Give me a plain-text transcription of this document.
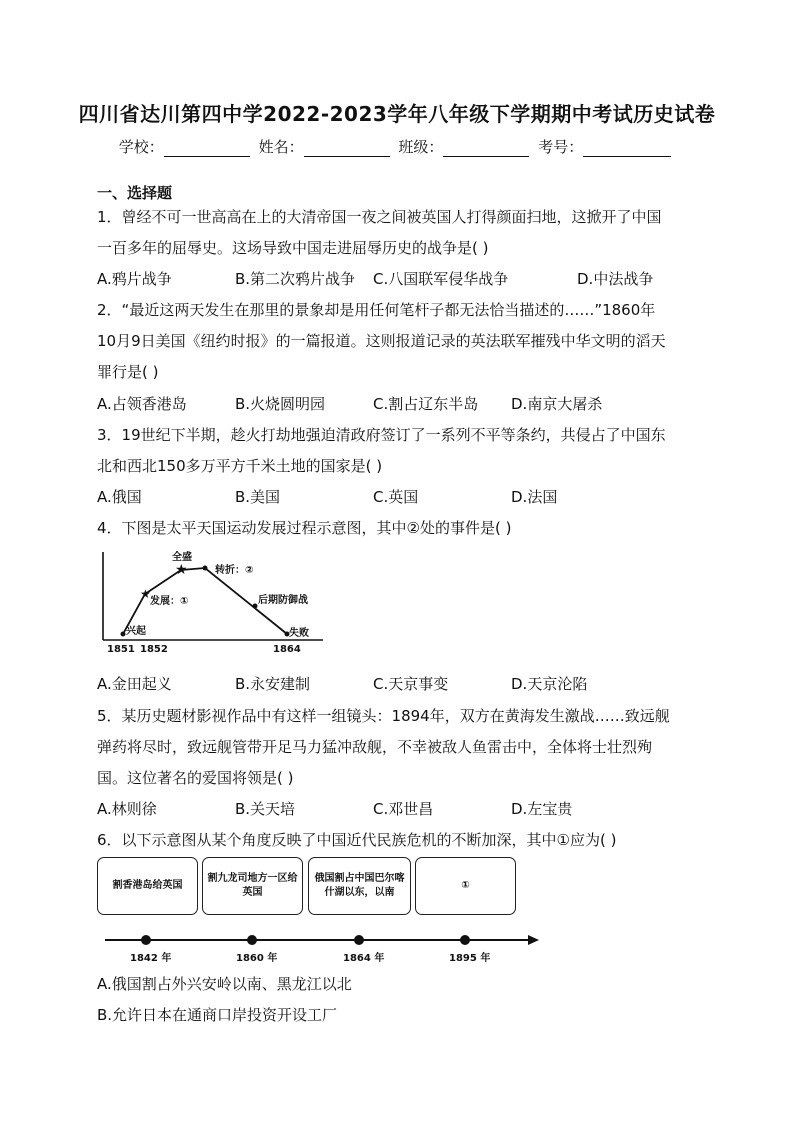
四川省达川第四中学2022-2023学年八年级下学期期中考试历史试卷
学校：	姓名：	班级：	考号：
一、选择题
1．曾经不可一世高高在上的大清帝国一夜之间被英国人打得颜面扫地，这掀开了中国
一百多年的屈辱史。这场导致中国走进屈辱历史的战争是( )
A.鸦片战争	B.第二次鸦片战争 C.八国联军侵华战争	D.中法战争
2．“最近这两天发生在那里的景象却是用任何笔杆子都无法恰当描述的……”1860年
10月9日美国《纽约时报》的一篇报道。这则报道记录的英法联军摧残中华文明的滔天
罪行是( )
A.占领香港岛	B.火烧圆明园	C.割占辽东半岛 D.南京大屠杀
3．19世纪下半期，趁火打劫地强迫清政府签订了一系列不平等条约，共侵占了中国东
北和西北150多万平方千米土地的国家是( )
A.俄国	B.美国	C.英国	D.法国
4．下图是太平天国运动发展过程示意图，其中②处的事件是( )
★
★
兴起
发展：①
全盛
转折：②
后期防御战
失败
1851 1852	1864
A.金田起义	B.永安建制	C.天京事变	D.天京沦陷
5．某历史题材影视作品中有这样一组镜头：1894年，双方在黄海发生激战……致远舰
弹药将尽时，致远舰管带开足马力猛冲敌舰，不幸被敌人鱼雷击中，全体将士壮烈殉
国。这位著名的爱国将领是( )
A.林则徐	B.关天培	C.邓世昌	D.左宝贵
6．以下示意图从某个角度反映了中国近代民族危机的不断加深，其中①应为( )
割香港岛给英国
割九龙司地方一区给英国
俄国割占中国巴尔喀什湖以东，以南
①
1842 年	1860 年	1864 年	1895 年
A.俄国割占外兴安岭以南、黑龙江以北
B.允许日本在通商口岸投资开设工厂
